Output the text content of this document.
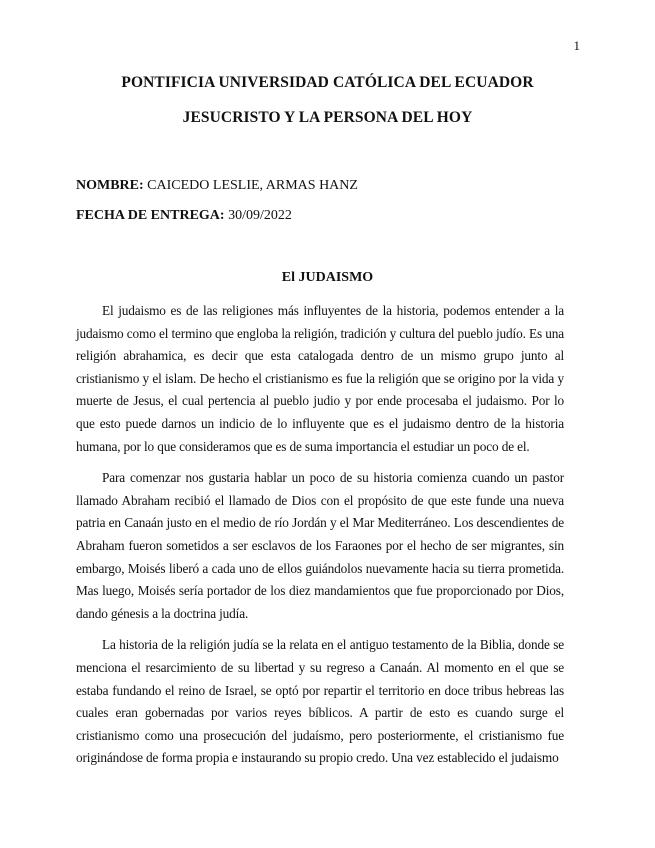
1
PONTIFICIA UNIVERSIDAD CATÓLICA DEL ECUADOR
JESUCRISTO Y LA PERSONA DEL HOY
NOMBRE: CAICEDO LESLIE, ARMAS HANZ
FECHA DE ENTREGA: 30/09/2022
El JUDAISMO

El judaismo es de las religiones más influyentes de la historia, podemos entender a la judaismo como el termino que engloba la religión, tradición y cultura del pueblo judío. Es una religión abrahamica, es decir que esta catalogada dentro de un mismo grupo junto al cristianismo y el islam. De hecho el cristianismo es fue la religión que se origino por la vida y muerte de Jesus, el cual pertencia al pueblo judio y por ende procesaba el judaismo. Por lo que esto puede darnos un indicio de lo influyente que es el judaismo dentro de la historia humana, por lo que consideramos que es de suma importancia el estudiar un poco de el.

Para comenzar nos gustaria hablar un poco de su historia comienza cuando un pastor llamado Abraham recibió el llamado de Dios con el propósito de que este funde una nueva patria en Canaán justo en el medio de río Jordán y el Mar Mediterráneo. Los descendientes de Abraham fueron sometidos a ser esclavos de los Faraones por el hecho de ser migrantes, sin embargo, Moisés liberó a cada uno de ellos guiándolos nuevamente hacia su tierra prometida. Mas luego, Moisés sería portador de los diez mandamientos que fue proporcionado por Dios, dando génesis a la doctrina judía.

La historia de la religión judía se la relata en el antiguo testamento de la Biblia, donde se menciona el resarcimiento de su libertad y su regreso a Canaán. Al momento en el que se estaba fundando el reino de Israel, se optó por repartir el territorio en doce tribus hebreas las cuales eran gobernadas por varios reyes bíblicos. A partir de esto es cuando surge el cristianismo como una prosecución del judaísmo, pero posteriormente, el cristianismo fue originándose de forma propia e instaurando su propio credo. Una vez establecido el judaismo
